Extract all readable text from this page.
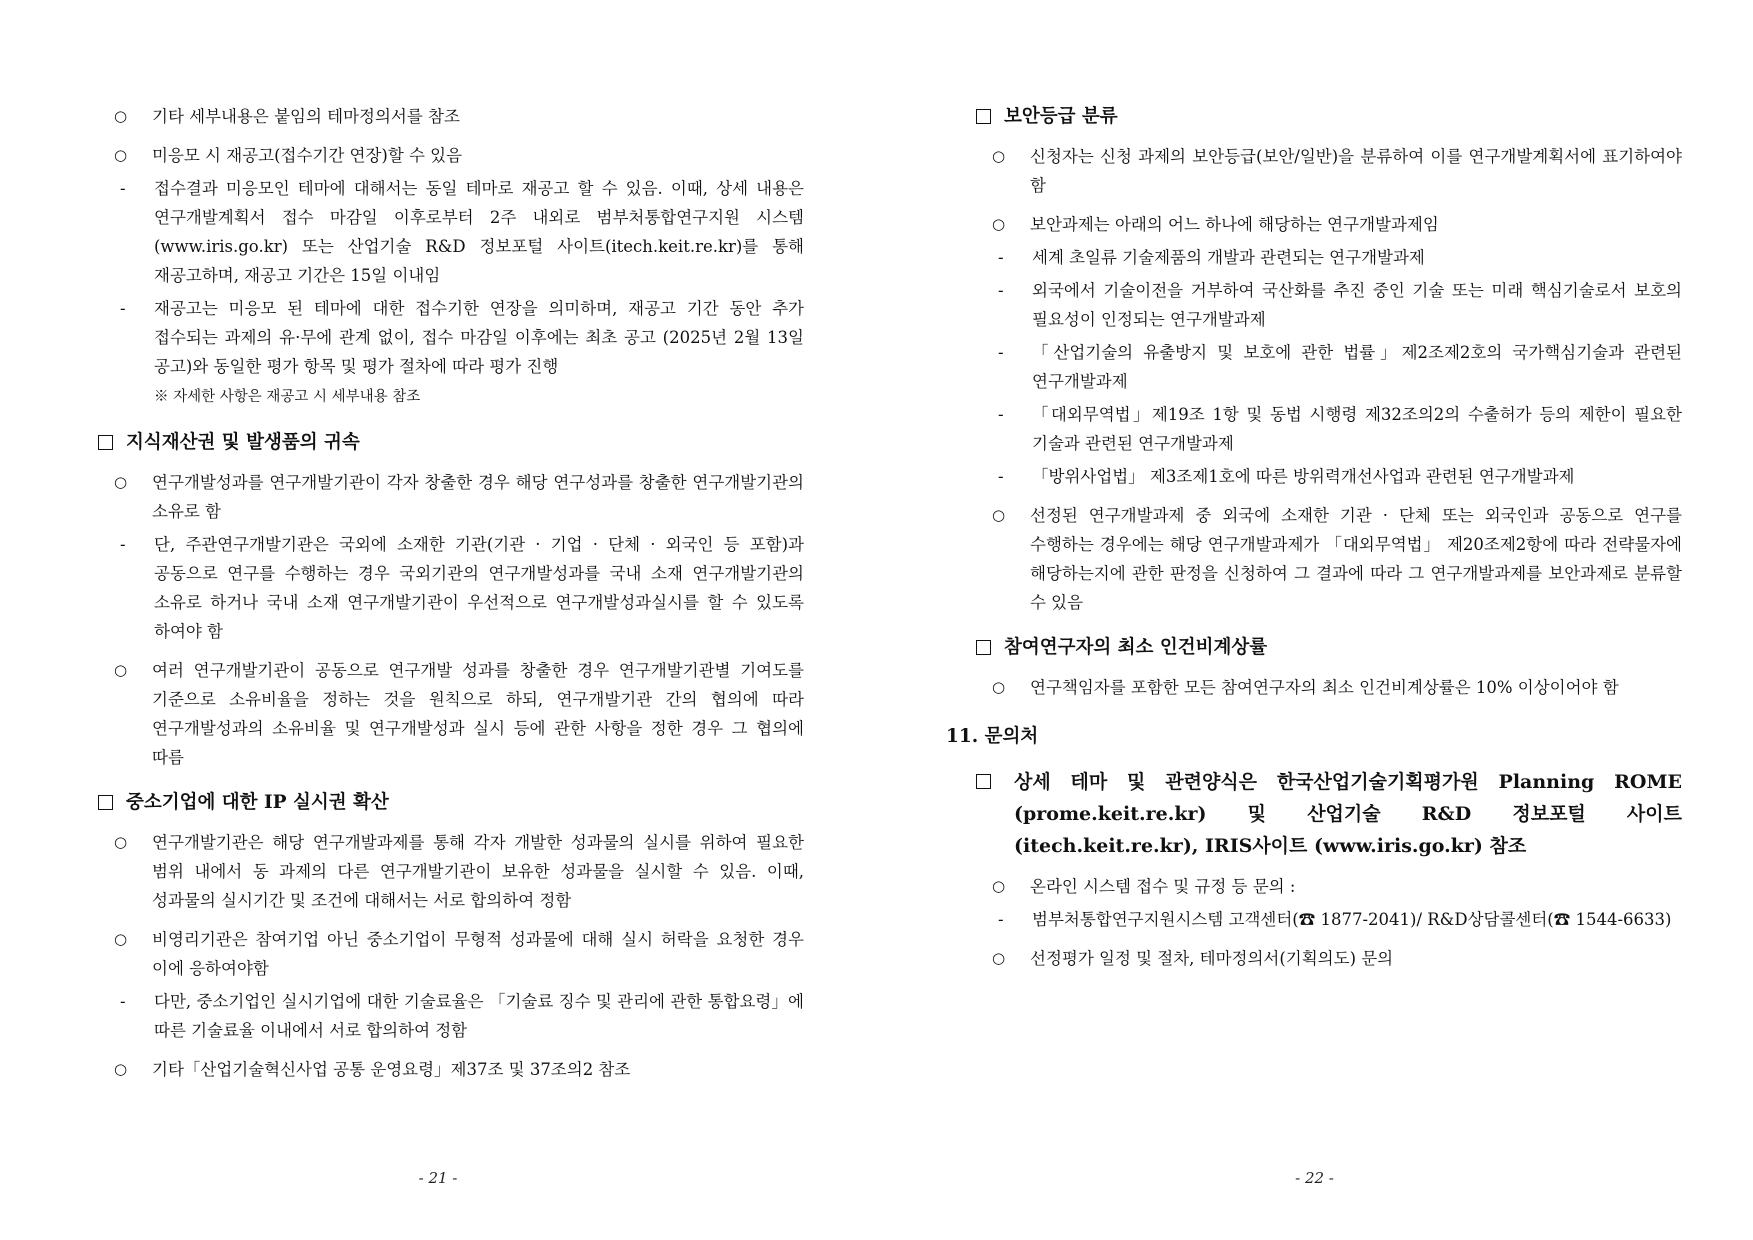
○ 기타 세부내용은 붙임의 테마정의서를 참조
○ 미응모 시 재공고(접수기간 연장)할 수 있음
- 접수결과 미응모인 테마에 대해서는 동일 테마로 재공고 할 수 있음. 이때, 상세 내용은 연구개발계획서 접수 마감일 이후로부터 2주 내외로 범부처통합연구지원 시스템(www.iris.go.kr) 또는 산업기술 R&D 정보포털 사이트(itech.keit.re.kr)를 통해 재공고하며, 재공고 기간은 15일 이내임
- 재공고는 미응모 된 테마에 대한 접수기한 연장을 의미하며, 재공고 기간 동안 추가 접수되는 과제의 유·무에 관계 없이, 접수 마감일 이후에는 최초 공고 (2025년 2월 13일 공고)와 동일한 평가 항목 및 평가 절차에 따라 평가 진행
※ 자세한 사항은 재공고 시 세부내용 참조
지식재산권 및 발생품의 귀속
○ 연구개발성과를 연구개발기관이 각자 창출한 경우 해당 연구성과를 창출한 연구개발기관의 소유로 함
- 단, 주관연구개발기관은 국외에 소재한 기관(기관 · 기업 · 단체 · 외국인 등 포함)과 공동으로 연구를 수행하는 경우 국외기관의 연구개발성과를 국내 소재 연구개발기관의 소유로 하거나 국내 소재 연구개발기관이 우선적으로 연구개발성과실시를 할 수 있도록 하여야 함
○ 여러 연구개발기관이 공동으로 연구개발 성과를 창출한 경우 연구개발기관별 기여도를 기준으로 소유비율을 정하는 것을 원칙으로 하되, 연구개발기관 간의 협의에 따라 연구개발성과의 소유비율 및 연구개발성과 실시 등에 관한 사항을 정한 경우 그 협의에 따름
중소기업에 대한 IP 실시권 확산
○ 연구개발기관은 해당 연구개발과제를 통해 각자 개발한 성과물의 실시를 위하여 필요한 범위 내에서 동 과제의 다른 연구개발기관이 보유한 성과물을 실시할 수 있음. 이때, 성과물의 실시기간 및 조건에 대해서는 서로 합의하여 정함
○ 비영리기관은 참여기업 아닌 중소기업이 무형적 성과물에 대해 실시 허락을 요청한 경우 이에 응하여야함
- 다만, 중소기업인 실시기업에 대한 기술료율은 「기술료 징수 및 관리에 관한 통합요령」에 따른 기술료율 이내에서 서로 합의하여 정함
○ 기타「산업기술혁신사업 공통 운영요령」제37조 및 37조의2 참조
- 21 -
보안등급 분류
○ 신청자는 신청 과제의 보안등급(보안/일반)을 분류하여 이를 연구개발계획서에 표기하여야 함
○ 보안과제는 아래의 어느 하나에 해당하는 연구개발과제임
- 세계 초일류 기술제품의 개발과 관련되는 연구개발과제
- 외국에서 기술이전을 거부하여 국산화를 추진 중인 기술 또는 미래 핵심기술로서 보호의 필요성이 인정되는 연구개발과제
- 「산업기술의 유출방지 및 보호에 관한 법률」제2조제2호의 국가핵심기술과 관련된 연구개발과제
- 「대외무역법」제19조 1항 및 동법 시행령 제32조의2의 수출허가 등의 제한이 필요한 기술과 관련된 연구개발과제
- 「방위사업법」 제3조제1호에 따른 방위력개선사업과 관련된 연구개발과제
○ 선정된 연구개발과제 중 외국에 소재한 기관 · 단체 또는 외국인과 공동으로 연구를 수행하는 경우에는 해당 연구개발과제가 「대외무역법」 제20조제2항에 따라 전략물자에 해당하는지에 관한 판정을 신청하여 그 결과에 따라 그 연구개발과제를 보안과제로 분류할 수 있음
참여연구자의 최소 인건비계상률
○ 연구책임자를 포함한 모든 참여연구자의 최소 인건비계상률은 10% 이상이어야 함
11. 문의처
상세 테마 및 관련양식은 한국산업기술기획평가원 Planning ROME (prome.keit.re.kr) 및 산업기술 R&D 정보포털 사이트(itech.keit.re.kr), IRIS사이트 (www.iris.go.kr) 참조
○ 온라인 시스템 접수 및 규정 등 문의 :
- 범부처통합연구지원시스템 고객센터(☎ 1877-2041)/ R&D상담콜센터(☎ 1544-6633)
○ 선정평가 일정 및 절차, 테마정의서(기획의도) 문의
- 22 -
